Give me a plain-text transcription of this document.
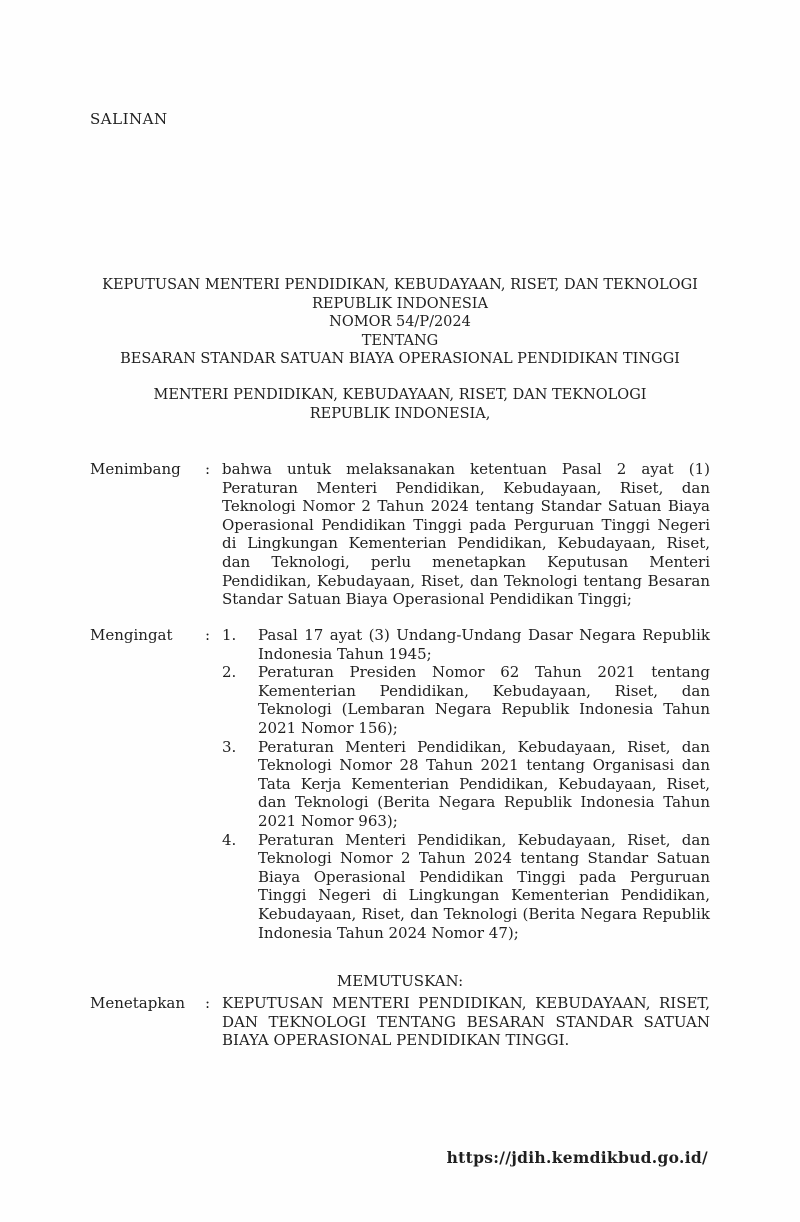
SALINAN
KEPUTUSAN MENTERI PENDIDIKAN, KEBUDAYAAN, RISET, DAN TEKNOLOGI
REPUBLIK INDONESIA
NOMOR 54/P/2024
TENTANG
BESARAN STANDAR SATUAN BIAYA OPERASIONAL PENDIDIKAN TINGGI
MENTERI PENDIDIKAN, KEBUDAYAAN, RISET, DAN TEKNOLOGI
REPUBLIK INDONESIA,
Menimbang	: bahwa untuk melaksanakan ketentuan Pasal 2 ayat (1) Peraturan Menteri Pendidikan, Kebudayaan, Riset, dan Teknologi Nomor 2 Tahun 2024 tentang Standar Satuan Biaya Operasional Pendidikan Tinggi pada Perguruan Tinggi Negeri di Lingkungan Kementerian Pendidikan, Kebudayaan, Riset, dan Teknologi, perlu menetapkan Keputusan Menteri Pendidikan, Kebudayaan, Riset, dan Teknologi tentang Besaran Standar Satuan Biaya Operasional Pendidikan Tinggi;
Mengingat	: 1.	Pasal 17 ayat (3) Undang-Undang Dasar Negara Republik Indonesia Tahun 1945;
2.	Peraturan Presiden Nomor 62 Tahun 2021 tentang Kementerian Pendidikan, Kebudayaan, Riset, dan Teknologi (Lembaran Negara Republik Indonesia Tahun 2021 Nomor 156);
3.	Peraturan Menteri Pendidikan, Kebudayaan, Riset, dan Teknologi Nomor 28 Tahun 2021 tentang Organisasi dan Tata Kerja Kementerian Pendidikan, Kebudayaan, Riset, dan Teknologi (Berita Negara Republik Indonesia Tahun 2021 Nomor 963);
4.	Peraturan Menteri Pendidikan, Kebudayaan, Riset, dan Teknologi Nomor 2 Tahun 2024 tentang Standar Satuan Biaya Operasional Pendidikan Tinggi pada Perguruan Tinggi Negeri di Lingkungan Kementerian Pendidikan, Kebudayaan, Riset, dan Teknologi (Berita Negara Republik Indonesia Tahun 2024 Nomor 47);
MEMUTUSKAN:
Menetapkan	: KEPUTUSAN MENTERI PENDIDIKAN, KEBUDAYAAN, RISET, DAN TEKNOLOGI TENTANG BESARAN STANDAR SATUAN BIAYA OPERASIONAL PENDIDIKAN TINGGI.
https://jdih.kemdikbud.go.id/
